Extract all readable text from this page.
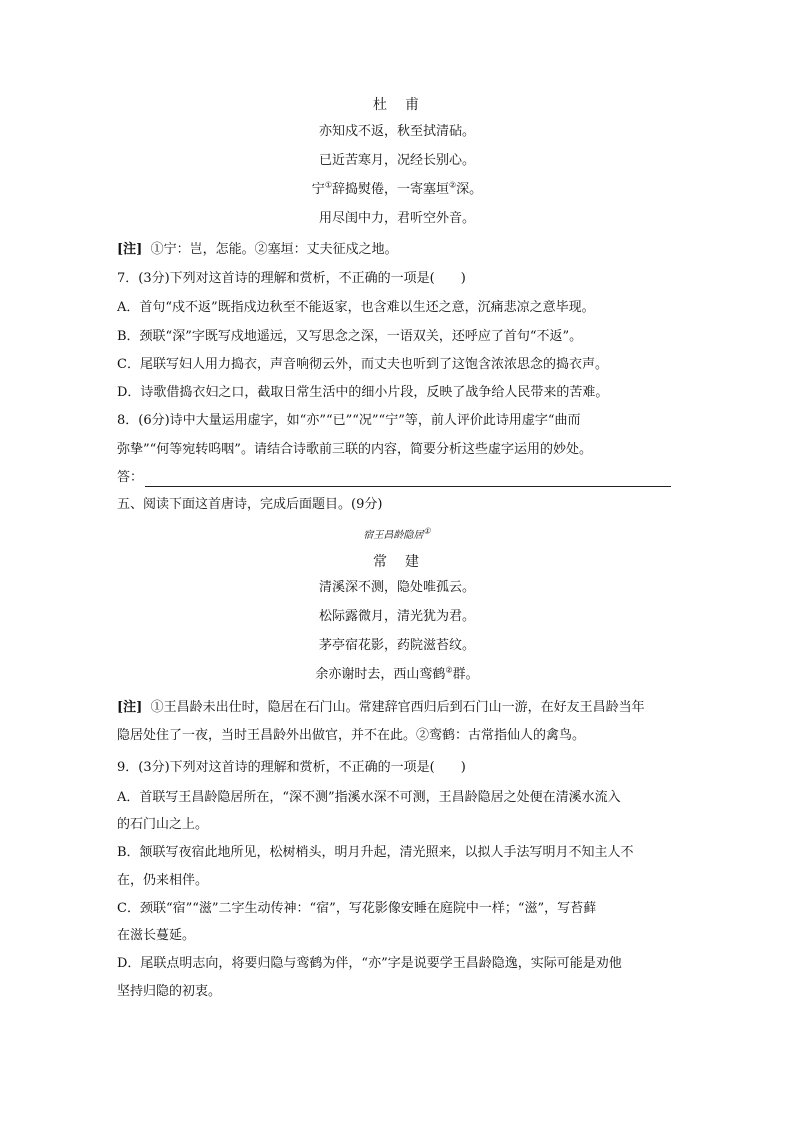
杜　甫
亦知戍不返，秋至拭清砧。
已近苦寒月，况经长别心。
宁①辞捣熨倦，一寄塞垣②深。
用尽闺中力，君听空外音。
[注] ①宁：岂，怎能。②塞垣：丈夫征戍之地。
7．(3分)下列对这首诗的理解和赏析，不正确的一项是(　　)
A．首句“戍不返”既指戍边秋至不能返家，也含难以生还之意，沉痛悲凉之意毕现。
B．颈联“深”字既写戍地遥远，又写思念之深，一语双关，还呼应了首句“不返”。
C．尾联写妇人用力捣衣，声音响彻云外，而丈夫也听到了这饱含浓浓思念的捣衣声。
D．诗歌借捣衣妇之口，截取日常生活中的细小片段，反映了战争给人民带来的苦难。
8．(6分)诗中大量运用虚字，如“亦”“已”“况”“宁”等，前人评价此诗用虚字“曲而
弥挚”“何等宛转呜咽”。请结合诗歌前三联的内容，简要分析这些虚字运用的妙处。
答：
五、阅读下面这首唐诗，完成后面题目。(9分)
宿王昌龄隐居①
常　建
清溪深不测，隐处唯孤云。
松际露微月，清光犹为君。
茅亭宿花影，药院滋苔纹。
余亦谢时去，西山鸾鹤②群。
[注] ①王昌龄未出仕时，隐居在石门山。常建辞官西归后到石门山一游，在好友王昌龄当年
隐居处住了一夜，当时王昌龄外出做官，并不在此。②鸾鹤：古常指仙人的禽鸟。
9．(3分)下列对这首诗的理解和赏析，不正确的一项是(　　)
A．首联写王昌龄隐居所在，“深不测”指溪水深不可测，王昌龄隐居之处便在清溪水流入
的石门山之上。
B．颔联写夜宿此地所见，松树梢头，明月升起，清光照来，以拟人手法写明月不知主人不
在，仍来相伴。
C．颈联“宿”“滋”二字生动传神：“宿”，写花影像安睡在庭院中一样；“滋”，写苔藓
在滋长蔓延。
D．尾联点明志向，将要归隐与鸾鹤为伴，“亦”字是说要学王昌龄隐逸，实际可能是劝他
坚持归隐的初衷。
